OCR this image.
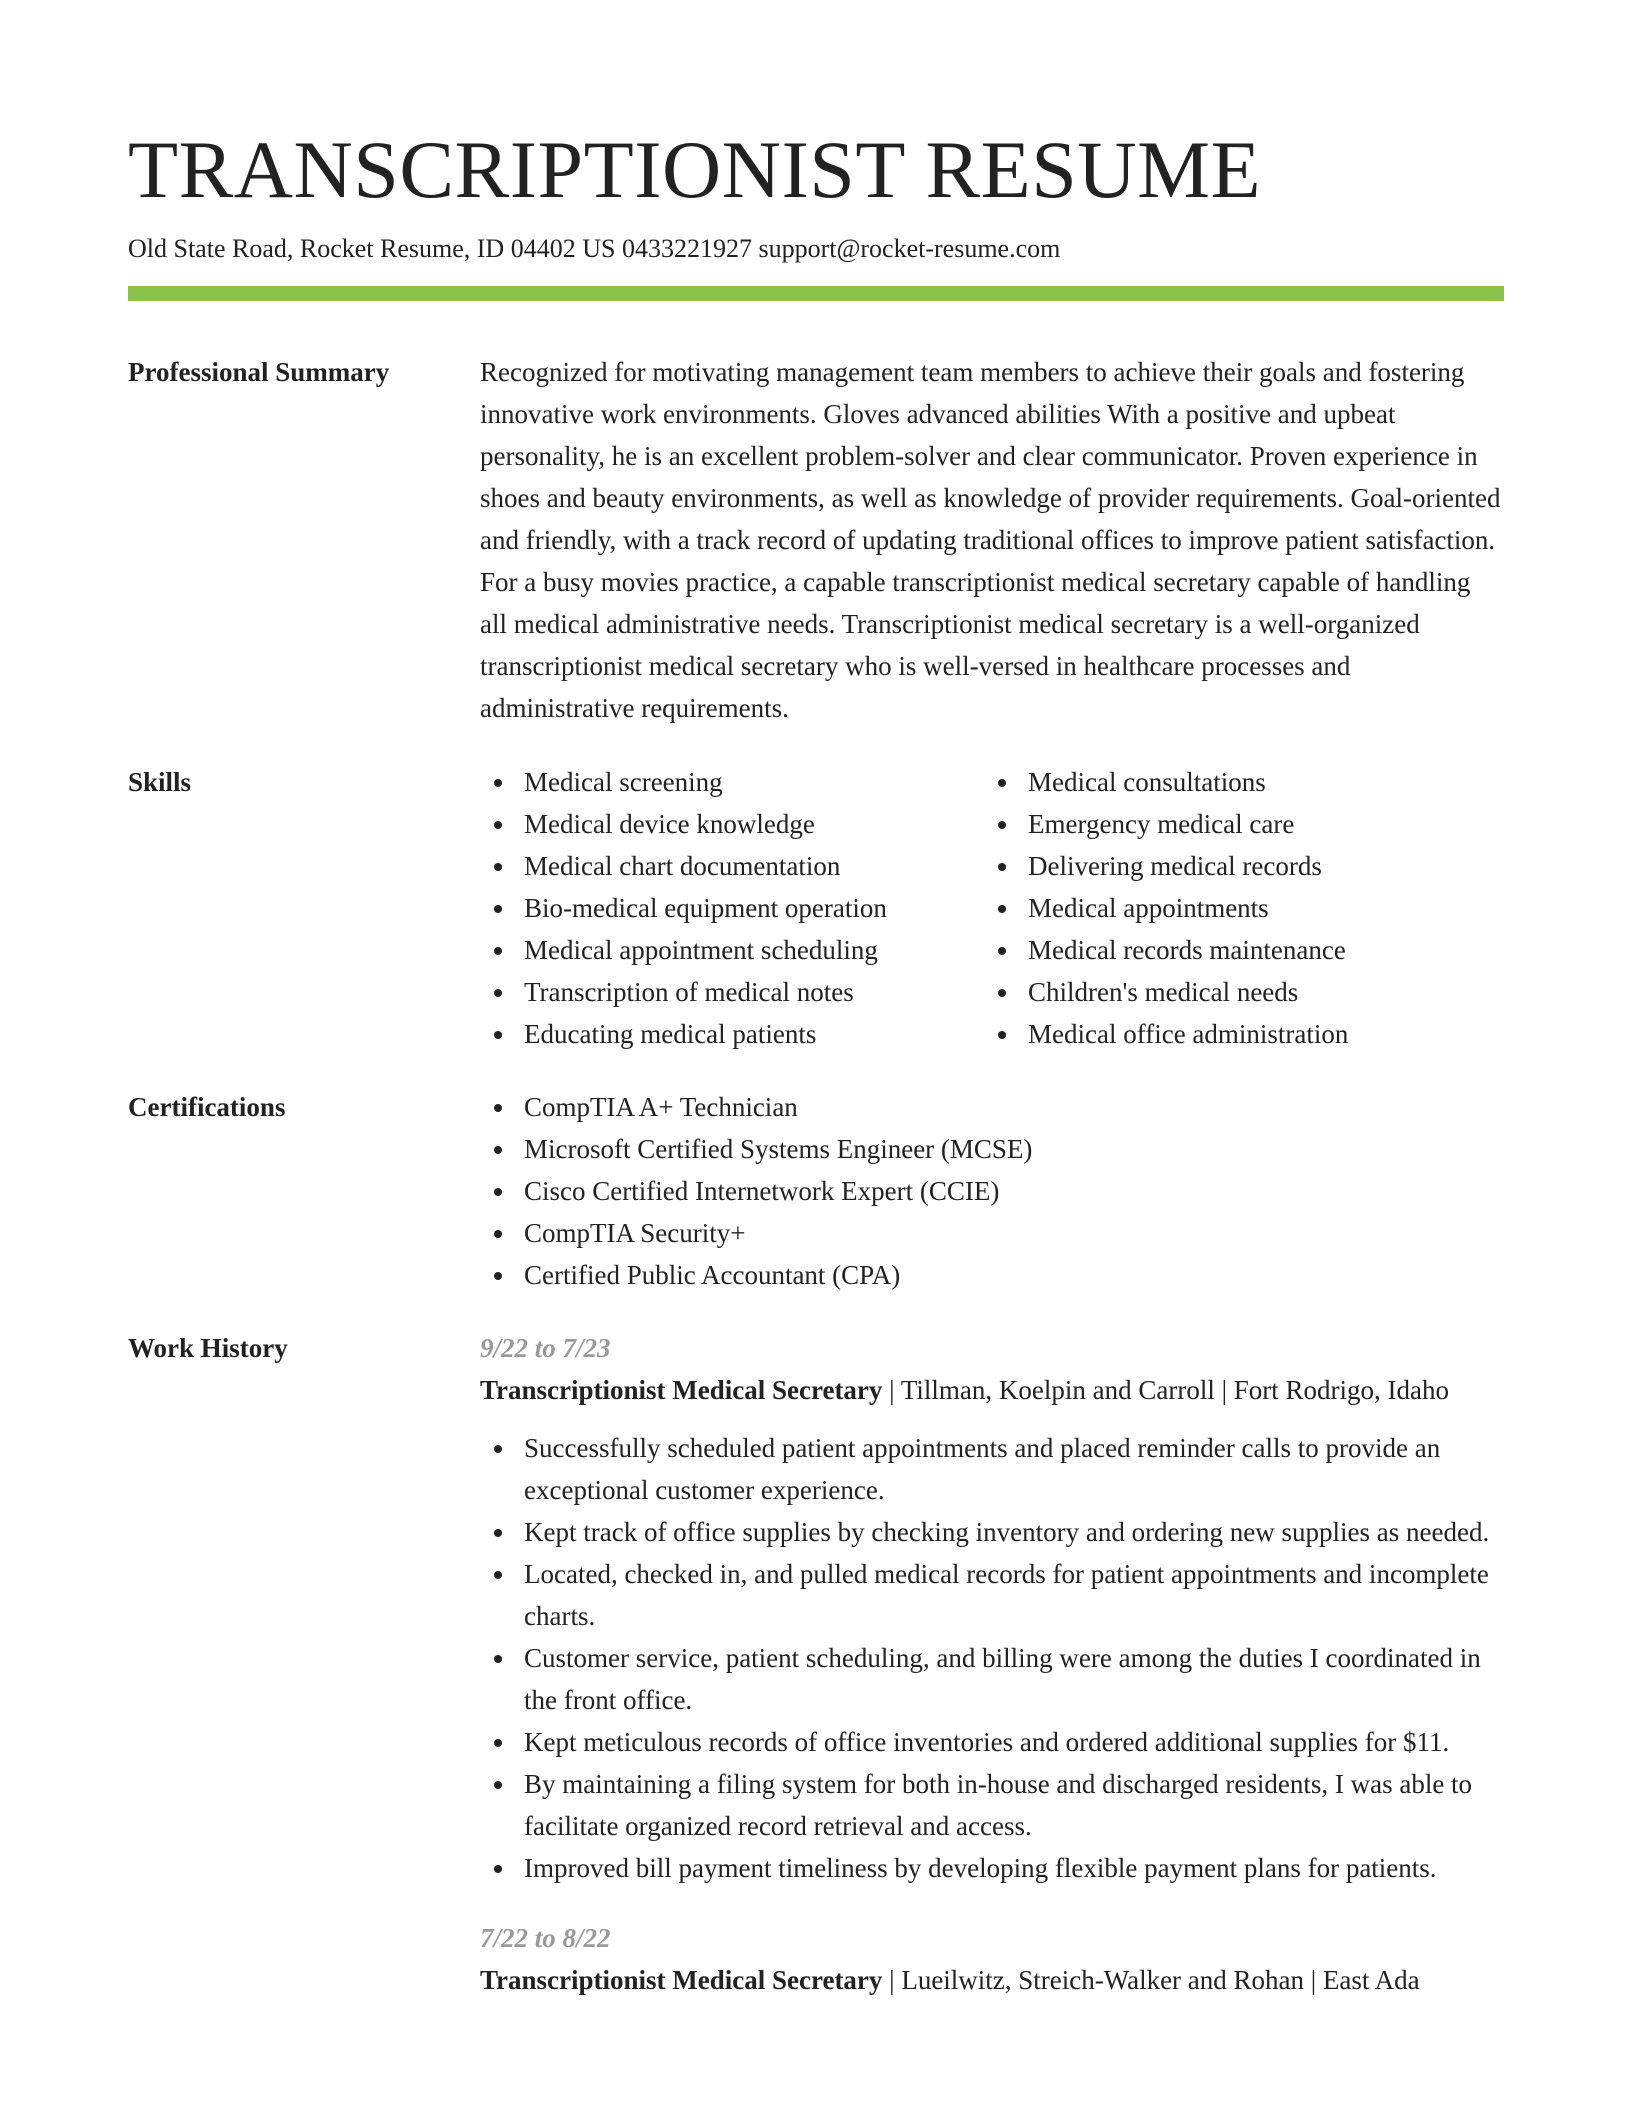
TRANSCRIPTIONIST RESUME
Old State Road, Rocket Resume, ID 04402 US 0433221927 support@rocket-resume.com
Professional Summary	Recognized for motivating management team members to achieve their goals and fostering innovative work environments. Gloves advanced abilities With a positive and upbeat personality, he is an excellent problem-solver and clear communicator. Proven experience in shoes and beauty environments, as well as knowledge of provider requirements. Goal-oriented and friendly, with a track record of updating traditional offices to improve patient satisfaction. For a busy movies practice, a capable transcriptionist medical secretary capable of handling all medical administrative needs. Transcriptionist medical secretary is a well-organized transcriptionist medical secretary who is well-versed in healthcare processes and administrative requirements.

Skills	Medical screening
Medical device knowledge
Medical chart documentation
Bio-medical equipment operation
Medical appointment scheduling
Transcription of medical notes
Educating medical patients
Medical consultations
Emergency medical care
Delivering medical records
Medical appointments
Medical records maintenance
Children's medical needs
Medical office administration
Certifications	CompTIA A+ Technician
Microsoft Certified Systems Engineer (MCSE)
Cisco Certified Internetwork Expert (CCIE)
CompTIA Security+
Certified Public Accountant (CPA)
Work History	9/22 to 7/23
Transcriptionist Medical Secretary | Tillman, Koelpin and Carroll | Fort Rodrigo, Idaho
Successfully scheduled patient appointments and placed reminder calls to provide an exceptional customer experience.
Kept track of office supplies by checking inventory and ordering new supplies as needed.
Located, checked in, and pulled medical records for patient appointments and incomplete charts.
Customer service, patient scheduling, and billing were among the duties I coordinated in the front office.
Kept meticulous records of office inventories and ordered additional supplies for $11.
By maintaining a filing system for both in-house and discharged residents, I was able to facilitate organized record retrieval and access.
Improved bill payment timeliness by developing flexible payment plans for patients.
7/22 to 8/22
Transcriptionist Medical Secretary | Lueilwitz, Streich-Walker and Rohan | East Ada
